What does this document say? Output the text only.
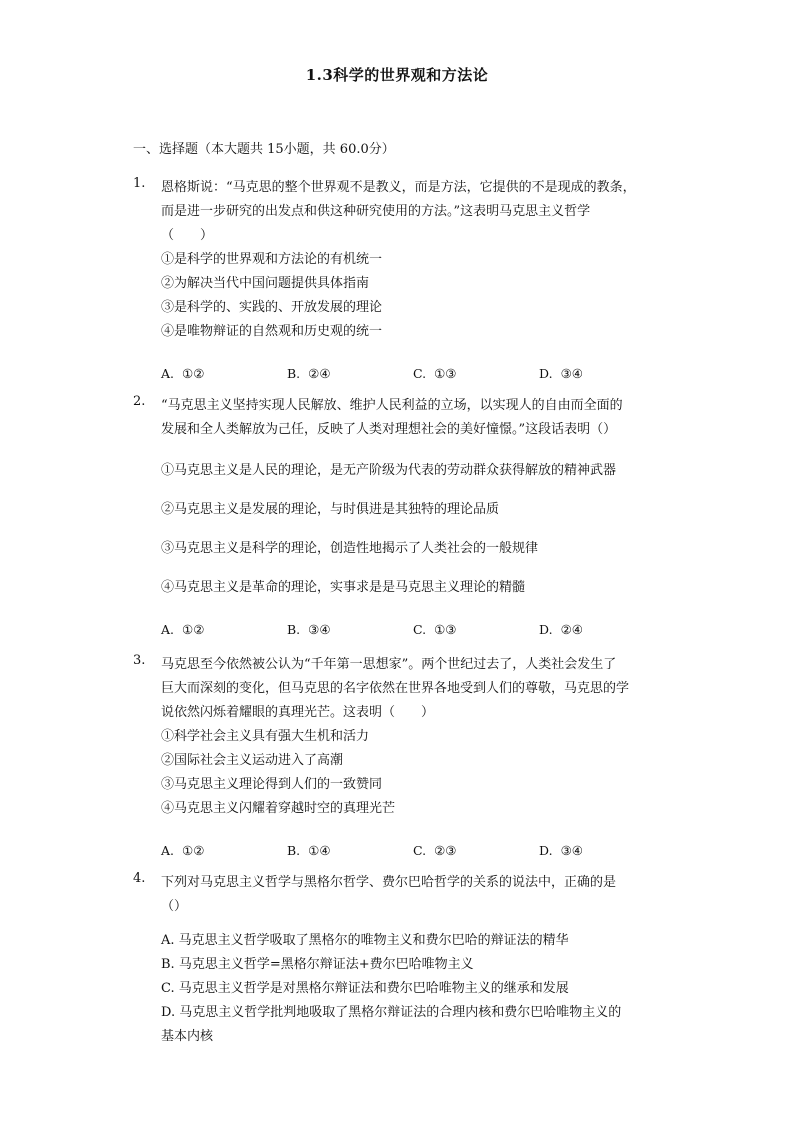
1.3科学的世界观和方法论
一、选择题（本大题共 15小题，共 60.0分）
1.	恩格斯说：“马克思的整个世界观不是教义，而是方法，它提供的不是现成的教条，
而是进一步研究的出发点和供这种研究使用的方法。”这表明马克思主义哲学
（　　）
①是科学的世界观和方法论的有机统一
②为解决当代中国问题提供具体指南
③是科学的、实践的、开放发展的理论
④是唯物辩证的自然观和历史观的统一
A. ①②	B. ②④	C. ①③	D. ③④
2.	“马克思主义坚持实现人民解放、维护人民利益的立场，以实现人的自由而全面的
发展和全人类解放为己任，反映了人类对理想社会的美好憧憬。”这段话表明（）
①马克思主义是人民的理论，是无产阶级为代表的劳动群众获得解放的精神武器
②马克思主义是发展的理论，与时俱进是其独特的理论品质
③马克思主义是科学的理论，创造性地揭示了人类社会的一般规律
④马克思主义是革命的理论，实事求是是马克思主义理论的精髓
A. ①②	B. ③④	C. ①③	D. ②④
3.	马克思至今依然被公认为“千年第一思想家”。两个世纪过去了，人类社会发生了
巨大而深刻的变化，但马克思的名字依然在世界各地受到人们的尊敬，马克思的学
说依然闪烁着耀眼的真理光芒。这表明（　　）
①科学社会主义具有强大生机和活力
②国际社会主义运动进入了高潮
③马克思主义理论得到人们的一致赞同
④马克思主义闪耀着穿越时空的真理光芒
A. ①②	B. ①④	C. ②③	D. ③④
4.	下列对马克思主义哲学与黑格尔哲学、费尔巴哈哲学的关系的说法中，正确的是
（）
A. 马克思主义哲学吸取了黑格尔的唯物主义和费尔巴哈的辩证法的精华
B. 马克思主义哲学=黑格尔辩证法+费尔巴哈唯物主义
C. 马克思主义哲学是对黑格尔辩证法和费尔巴哈唯物主义的继承和发展
D. 马克思主义哲学批判地吸取了黑格尔辩证法的合理内核和费尔巴哈唯物主义的
基本内核
